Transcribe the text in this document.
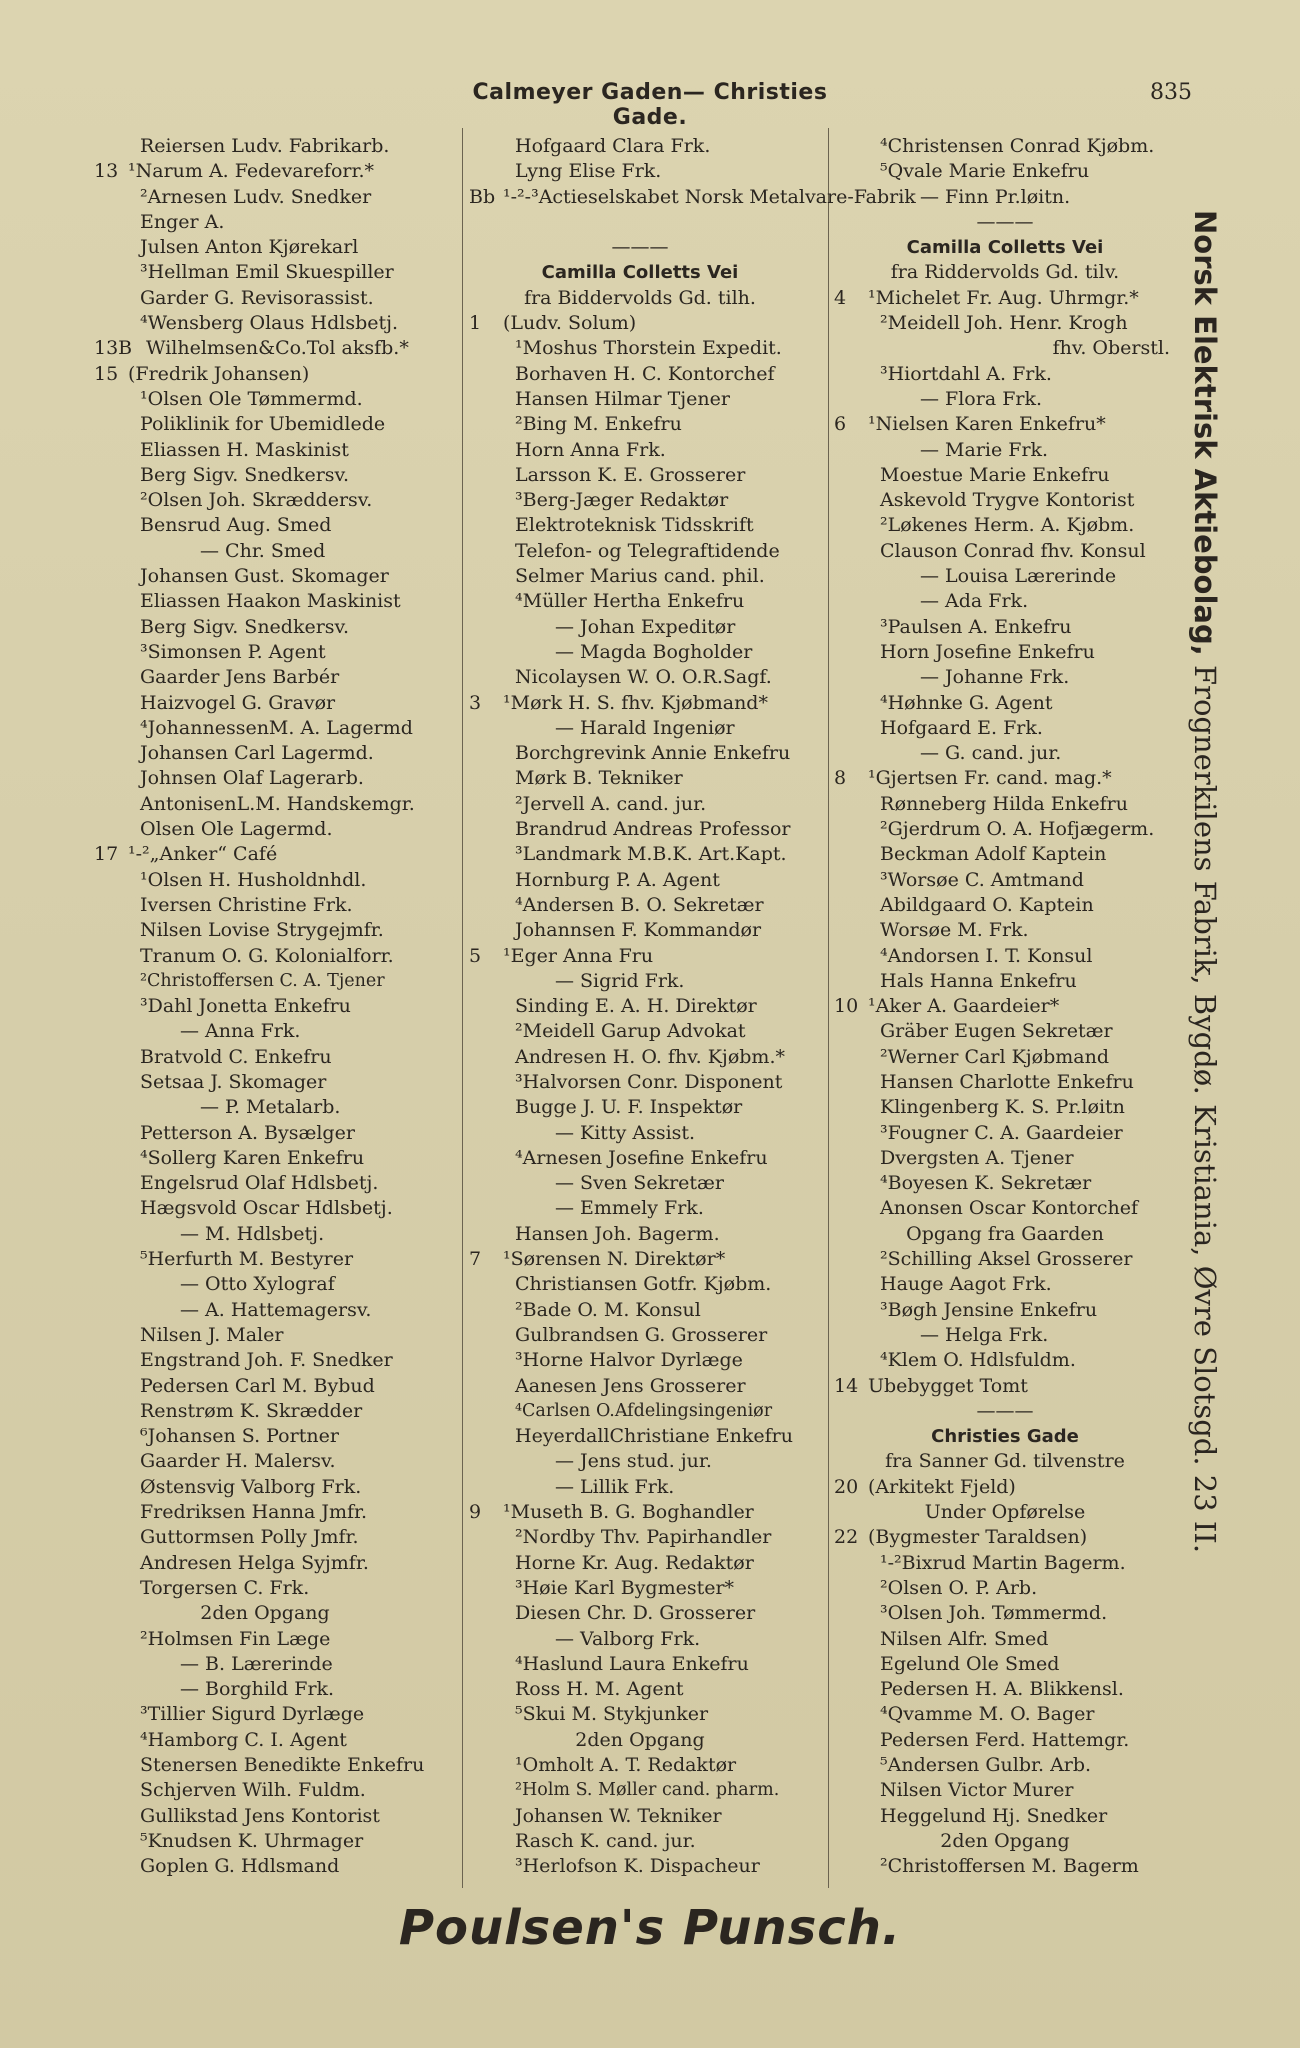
Calmeyer Gaden— Christies Gade.
835
Reiersen Ludv. Fabrikarb.
13 ¹Narum A. Fedevareforr.*
²Arnesen Ludv. Snedker
Enger A.
Julsen Anton Kjørekarl
³Hellman Emil Skuespiller
Garder G. Revisorassist.
⁴Wensberg Olaus Hdlsbetj.
13B Wilhelmsen&Co.Tol aksfb.*
15 (Fredrik Johansen)
¹Olsen Ole Tømmermd.
Poliklinik for Ubemidlede
Eliassen H. Maskinist
Berg Sigv. Snedkersv.
²Olsen Joh. Skræddersv.
Bensrud Aug. Smed
— Chr. Smed
Johansen Gust. Skomager
Eliassen Haakon Maskinist
Berg Sigv. Snedkersv.
³Simonsen P. Agent
Gaarder Jens Barbér
Haizvogel G. Gravør
⁴JohannessenM. A. Lagermd
Johansen Carl Lagermd.
Johnsen Olaf Lagerarb.
AntonisenL.M. Handskemgr.
Olsen Ole Lagermd.
17 ¹-²„Anker“ Café
¹Olsen H. Husholdnhdl.
Iversen Christine Frk.
Nilsen Lovise Strygejmfr.
Tranum O. G. Kolonialforr.
²Christoffersen C. A. Tjener
³Dahl Jonetta Enkefru
— Anna Frk.
Bratvold C. Enkefru
Setsaa J. Skomager
— P. Metalarb.
Petterson A. Bysælger
⁴Sollerg Karen Enkefru
Engelsrud Olaf Hdlsbetj.
Hægsvold Oscar Hdlsbetj.
— M. Hdlsbetj.
⁵Herfurth M. Bestyrer
— Otto Xylograf
— A. Hattemagersv.
Nilsen J. Maler
Engstrand Joh. F. Snedker
Pedersen Carl M. Bybud
Renstrøm K. Skrædder
⁶Johansen S. Portner
Gaarder H. Malersv.
Østensvig Valborg Frk.
Fredriksen Hanna Jmfr.
Guttormsen Polly Jmfr.
Andresen Helga Syjmfr.
Torgersen C. Frk.
2den Opgang
²Holmsen Fin Læge
— B. Lærerinde
— Borghild Frk.
³Tillier Sigurd Dyrlæge
⁴Hamborg C. I. Agent
Stenersen Benedikte Enkefru
Schjerven Wilh. Fuldm.
Gullikstad Jens Kontorist
⁵Knudsen K. Uhrmager
Goplen G. Hdlsmand
Hofgaard Clara Frk.
Lyng Elise Frk.
Bb ¹-²-³Actieselskabet Norsk Metalvare-Fabrik
———
Camilla Colletts Vei
fra Biddervolds Gd. tilh.
1 (Ludv. Solum)
¹Moshus Thorstein Expedit.
Borhaven H. C. Kontorchef
Hansen Hilmar Tjener
²Bing M. Enkefru
Horn Anna Frk.
Larsson K. E. Grosserer
³Berg-Jæger Redaktør
Elektroteknisk Tidsskrift
Telefon- og Telegraftidende
Selmer Marius cand. phil.
⁴Müller Hertha Enkefru
— Johan Expeditør
— Magda Bogholder
Nicolaysen W. O. O.R.Sagf.
3 ¹Mørk H. S. fhv. Kjøbmand*
— Harald Ingeniør
Borchgrevink Annie Enkefru
Mørk B. Tekniker
²Jervell A. cand. jur.
Brandrud Andreas Professor
³Landmark M.B.K. Art.Kapt.
Hornburg P. A. Agent
⁴Andersen B. O. Sekretær
Johannsen F. Kommandør
5 ¹Eger Anna Fru
— Sigrid Frk.
Sinding E. A. H. Direktør
²Meidell Garup Advokat
Andresen H. O. fhv. Kjøbm.*
³Halvorsen Conr. Disponent
Bugge J. U. F. Inspektør
— Kitty Assist.
⁴Arnesen Josefine Enkefru
— Sven Sekretær
— Emmely Frk.
Hansen Joh. Bagerm.
7 ¹Sørensen N. Direktør*
Christiansen Gotfr. Kjøbm.
²Bade O. M. Konsul
Gulbrandsen G. Grosserer
³Horne Halvor Dyrlæge
Aanesen Jens Grosserer
⁴Carlsen O.Afdelingsingeniør
HeyerdallChristiane Enkefru
— Jens stud. jur.
— Lillik Frk.
9 ¹Museth B. G. Boghandler
²Nordby Thv. Papirhandler
Horne Kr. Aug. Redaktør
³Høie Karl Bygmester*
Diesen Chr. D. Grosserer
— Valborg Frk.
⁴Haslund Laura Enkefru
Ross H. M. Agent
⁵Skui M. Stykjunker
2den Opgang
¹Omholt A. T. Redaktør
²Holm S. Møller cand. pharm.
Johansen W. Tekniker
Rasch K. cand. jur.
³Herlofson K. Dispacheur
⁴Christensen Conrad Kjøbm.
⁵Qvale Marie Enkefru
— Finn Pr.løitn.
———
Camilla Colletts Vei
fra Riddervolds Gd. tilv.
4 ¹Michelet Fr. Aug. Uhrmgr.*
²Meidell Joh. Henr. Krogh
fhv. Oberstl.
³Hiortdahl A. Frk.
— Flora Frk.
6 ¹Nielsen Karen Enkefru*
— Marie Frk.
Moestue Marie Enkefru
Askevold Trygve Kontorist
²Løkenes Herm. A. Kjøbm.
Clauson Conrad fhv. Konsul
— Louisa Lærerinde
— Ada Frk.
³Paulsen A. Enkefru
Horn Josefine Enkefru
— Johanne Frk.
⁴Høhnke G. Agent
Hofgaard E. Frk.
— G. cand. jur.
8 ¹Gjertsen Fr. cand. mag.*
Rønneberg Hilda Enkefru
²Gjerdrum O. A. Hofjægerm.
Beckman Adolf Kaptein
³Worsøe C. Amtmand
Abildgaard O. Kaptein
Worsøe M. Frk.
⁴Andorsen I. T. Konsul
Hals Hanna Enkefru
10 ¹Aker A. Gaardeier*
Gräber Eugen Sekretær
²Werner Carl Kjøbmand
Hansen Charlotte Enkefru
Klingenberg K. S. Pr.løitn
³Fougner C. A. Gaardeier
Dvergsten A. Tjener
⁴Boyesen K. Sekretær
Anonsen Oscar Kontorchef
Opgang fra Gaarden
²Schilling Aksel Grosserer
Hauge Aagot Frk.
³Bøgh Jensine Enkefru
— Helga Frk.
⁴Klem O. Hdlsfuldm.
14 Ubebygget Tomt
———
Christies Gade
fra Sanner Gd. tilvenstre
20 (Arkitekt Fjeld)
Under Opførelse
22 (Bygmester Taraldsen)
¹-²Bixrud Martin Bagerm.
²Olsen O. P. Arb.
³Olsen Joh. Tømmermd.
Nilsen Alfr. Smed
Egelund Ole Smed
Pedersen H. A. Blikkensl.
⁴Qvamme M. O. Bager
Pedersen Ferd. Hattemgr.
⁵Andersen Gulbr. Arb.
Nilsen Victor Murer
Heggelund Hj. Snedker
2den Opgang
²Christoffersen M. Bagerm
Norsk Elektrisk Aktiebolag, Frognerkilens Fabrik, Bygdø. Kristiania, Øvre Slotsgd. 23 II.
Poulsen's Punsch.
